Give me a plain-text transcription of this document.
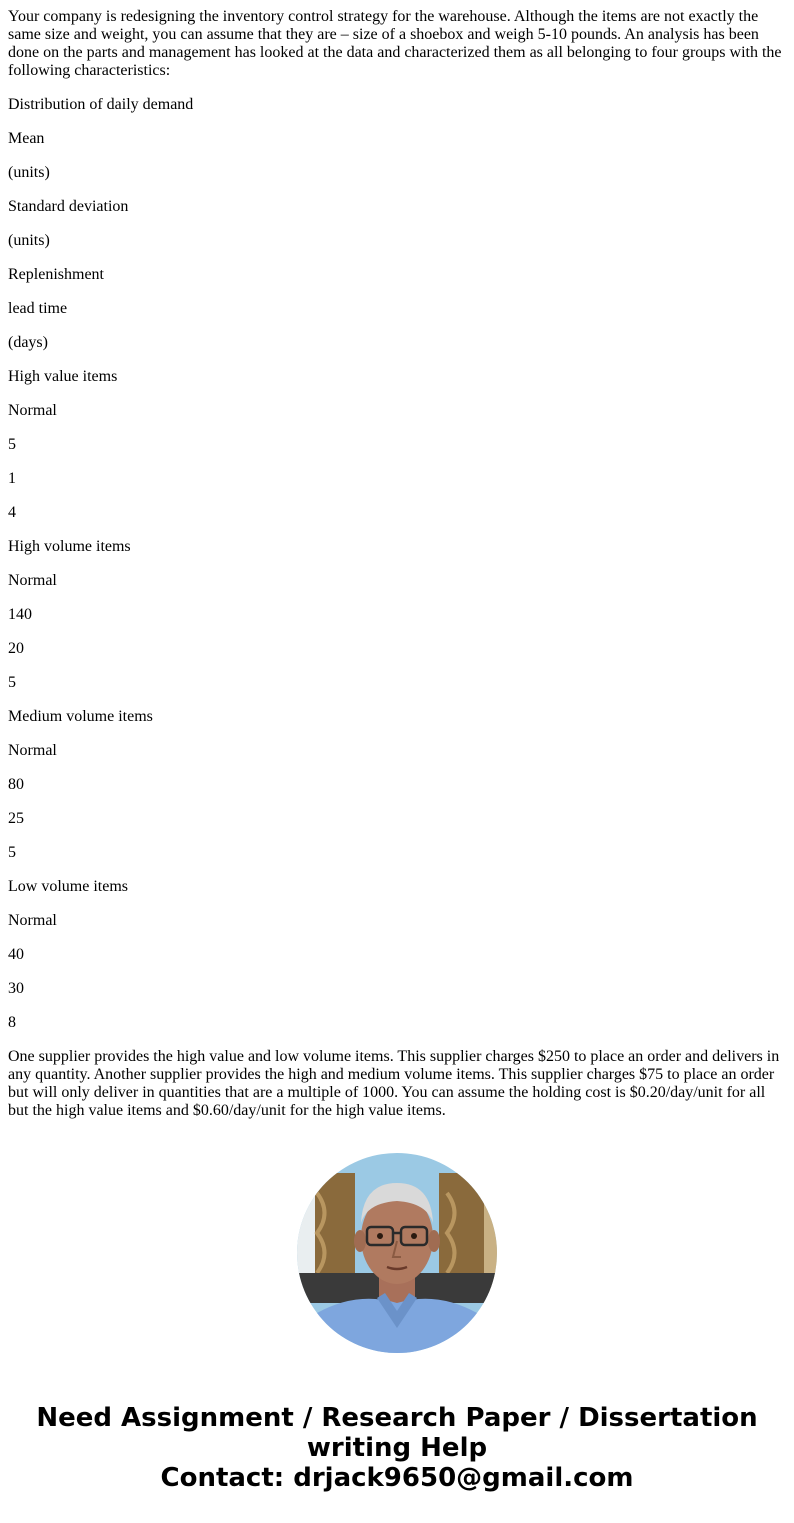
Your company is redesigning the inventory control strategy for the warehouse. Although the items are not exactly the same size and weight, you can assume that they are – size of a shoebox and weigh 5-10 pounds. An analysis has been done on the parts and management has looked at the data and characterized them as all belonging to four groups with the following characteristics:

Distribution of daily demand

Mean

(units)

Standard deviation

(units)

Replenishment

lead time

(days)

High value items

Normal

5

1

4

High volume items

Normal

140

20

5

Medium volume items

Normal

80

25

5

Low volume items

Normal

40

30

8

One supplier provides the high value and low volume items. This supplier charges $250 to place an order and delivers in any quantity. Another supplier provides the high and medium volume items. This supplier charges $75 to place an order but will only deliver in quantities that are a multiple of 1000. You can assume the holding cost is $0.20/day/unit for all but the high value items and $0.60/day/unit for the high value items.

Need Assignment / Research Paper / Dissertation
writing Help
Contact: drjack9650@gmail.com
